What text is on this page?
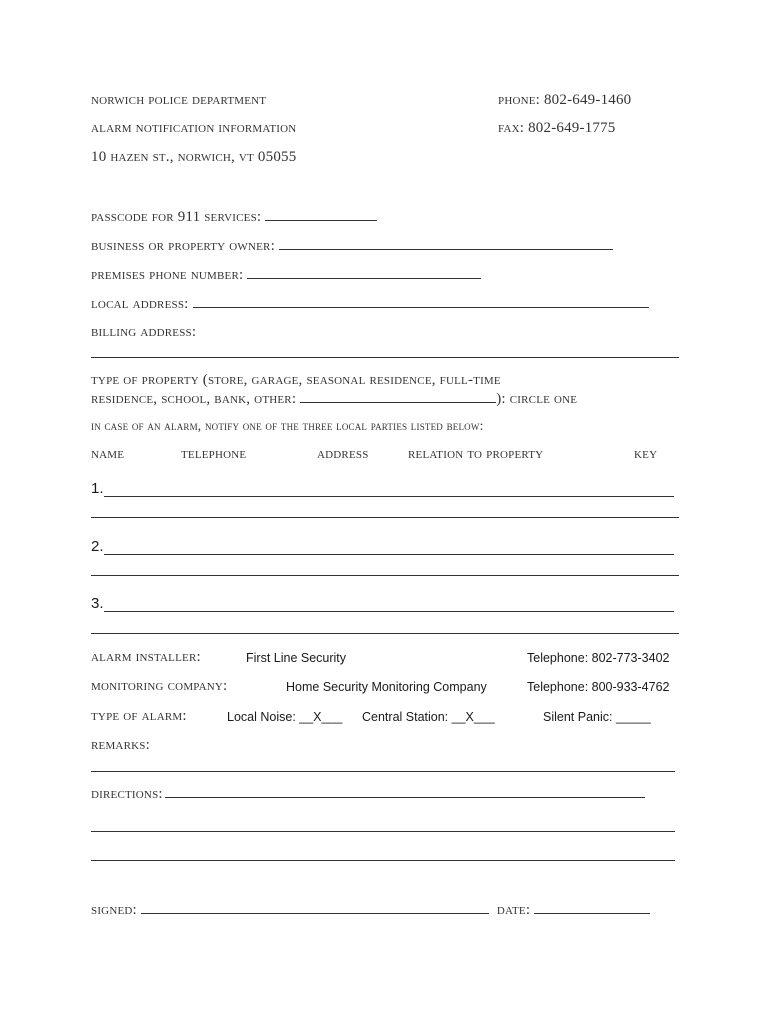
norwich police department	phone: 802-649-1460
alarm notification information	fax: 802-649-1775
10 hazen st., norwich, vt 05055
passcode for 911 services:
business or property owner:
premises phone number:
local address:
billing address:
type of property (store, garage, seasonal residence, full-time
residence, school, bank, other:	): circle one
in case of an alarm, notify one of the three local parties listed below:
name	telephone	address	relation to property	key
1.
2.
3.
alarm installer:	First Line Security	Telephone: 802-773-3402
monitoring company:	Home Security Monitoring Company	Telephone: 800-933-4762
type of alarm:	Local Noise: __X___ Central Station: __X___	Silent Panic: _____
remarks:
directions:
signed:	date:
